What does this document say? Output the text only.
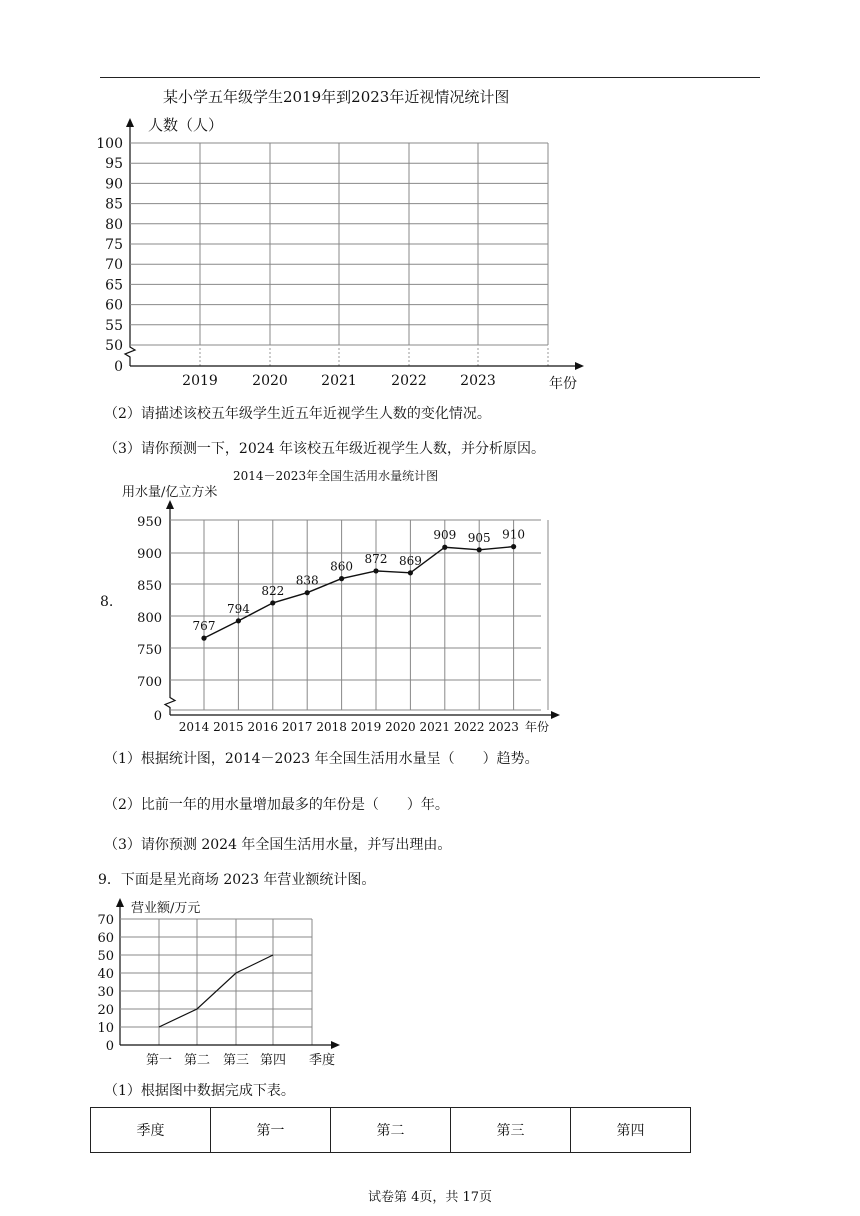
某小学五年级学生2019年到2023年近视情况统计图
人数（人）
100
95
90
85
80
75
70
65
60
55
50
0
2019 2020 2021 2022 2023	年份
（2）请描述该校五年级学生近五年近视学生人数的变化情况。
（3）请你预测一下，2024 年该校五年级近视学生人数，并分析原因。
2014－2023年全国生活用水量统计图
用水量/亿立方米
8.
700
750
800
850
900
950
0
2014 2015 2016 2017 2018 2019 2020 2021 2022 2023 年份
767
794
822
838
860
872 869
909 905 910
（1）根据统计图，2014－2023 年全国生活用水量呈（　　）趋势。
（2）比前一年的用水量增加最多的年份是（　　）年。
（3）请你预测 2024 年全国生活用水量，并写出理由。
9．下面是星光商场 2023 年营业额统计图。
营业额/万元
0
10
20
30
40
50
60
70
第一 第二 第三 第四 季度
（1）根据图中数据完成下表。
季度	第一	第二	第三	第四
试卷第 4页，共 17页
